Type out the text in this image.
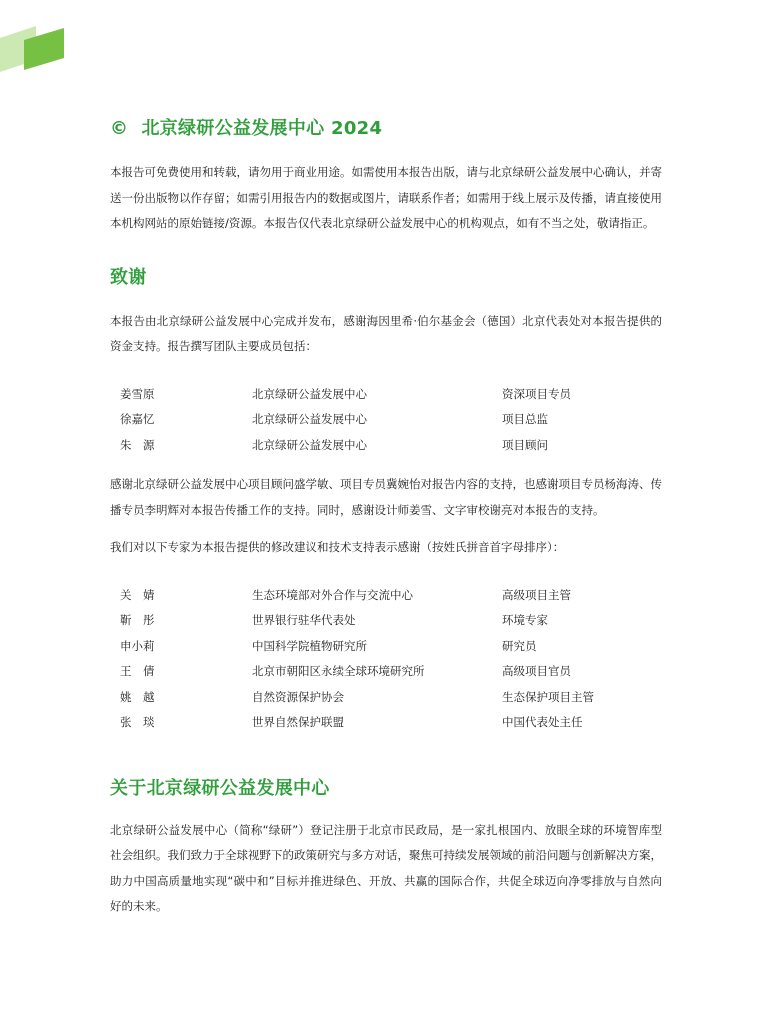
© 北京绿研公益发展中心 2024

本报告可免费使用和转载，请勿用于商业用途。如需使用本报告出版，请与北京绿研公益发展中心确认，并寄送一份出版物以作存留；如需引用报告内的数据或图片，请联系作者；如需用于线上展示及传播，请直接使用本机构网站的原始链接/资源。本报告仅代表北京绿研公益发展中心的机构观点，如有不当之处，敬请指正。

致谢

本报告由北京绿研公益发展中心完成并发布，感谢海因里希·伯尔基金会（德国）北京代表处对本报告提供的资金支持。报告撰写团队主要成员包括：

姜雪原	北京绿研公益发展中心	资深项目专员
徐嘉忆	北京绿研公益发展中心	项目总监
朱　源	北京绿研公益发展中心	项目顾问

感谢北京绿研公益发展中心项目顾问盛学敏、项目专员冀婉怡对报告内容的支持，也感谢项目专员杨海涛、传播专员李明辉对本报告传播工作的支持。同时，感谢设计师姜雪、文字审校谢亮对本报告的支持。

我们对以下专家为本报告提供的修改建议和技术支持表示感谢（按姓氏拼音首字母排序）：

关　婧	生态环境部对外合作与交流中心	高级项目主管
靳　彤	世界银行驻华代表处	环境专家
申小莉	中国科学院植物研究所	研究员
王　倩	北京市朝阳区永续全球环境研究所	高级项目官员
姚　越	自然资源保护协会	生态保护项目主管
张　琰	世界自然保护联盟	中国代表处主任
关于北京绿研公益发展中心

北京绿研公益发展中心（简称“绿研”）登记注册于北京市民政局，是一家扎根国内、放眼全球的环境智库型社会组织。我们致力于全球视野下的政策研究与多方对话，聚焦可持续发展领域的前沿问题与创新解决方案，助力中国高质量地实现“碳中和”目标并推进绿色、开放、共赢的国际合作，共促全球迈向净零排放与自然向好的未来。
